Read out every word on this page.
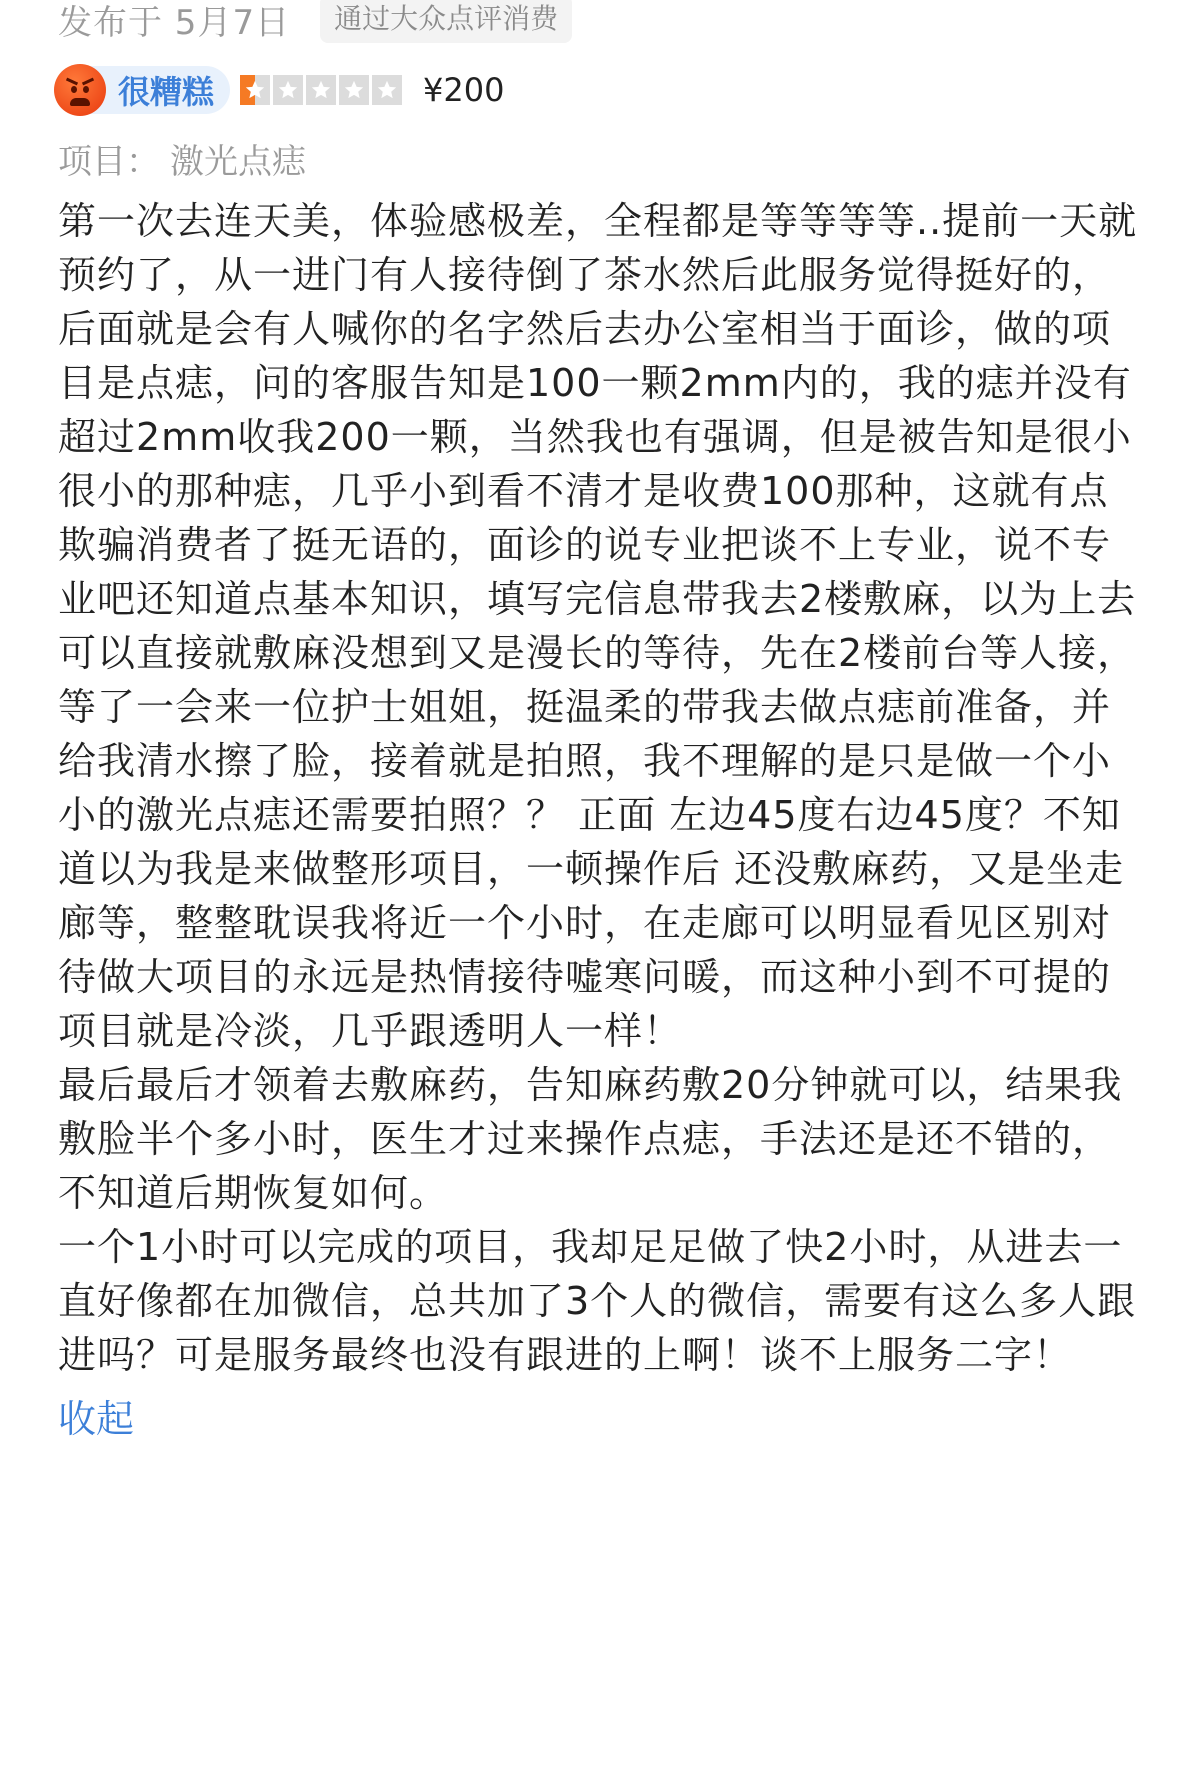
发布于 5月7日	通过大众点评消费
很糟糕	¥200
项目： 激光点痣

第一次去连天美，体验感极差，全程都是等等等等..提前一天就预约了，从一进门有人接待倒了茶水然后此服务觉得挺好的，后面就是会有人喊你的名字然后去办公室相当于面诊，做的项目是点痣，问的客服告知是100一颗2mm内的，我的痣并没有超过2mm收我200一颗，当然我也有强调，但是被告知是很小很小的那种痣，几乎小到看不清才是收费100那种，这就有点欺骗消费者了挺无语的，面诊的说专业把谈不上专业，说不专业吧还知道点基本知识，填写完信息带我去2楼敷麻，以为上去可以直接就敷麻没想到又是漫长的等待，先在2楼前台等人接，等了一会来一位护士姐姐，挺温柔的带我去做点痣前准备，并给我清水擦了脸，接着就是拍照，我不理解的是只是做一个小小的激光点痣还需要拍照？？ 正面 左边45度右边45度？不知道以为我是来做整形项目，一顿操作后 还没敷麻药，又是坐走廊等，整整耽误我将近一个小时，在走廊可以明显看见区别对待做大项目的永远是热情接待嘘寒问暖，而这种小到不可提的项目就是冷淡，几乎跟透明人一样！

最后最后才领着去敷麻药，告知麻药敷20分钟就可以，结果我敷脸半个多小时，医生才过来操作点痣，手法还是还不错的，不知道后期恢复如何。

一个1小时可以完成的项目，我却足足做了快2小时，从进去一直好像都在加微信，总共加了3个人的微信，需要有这么多人跟进吗？可是服务最终也没有跟进的上啊！谈不上服务二字！

收起
